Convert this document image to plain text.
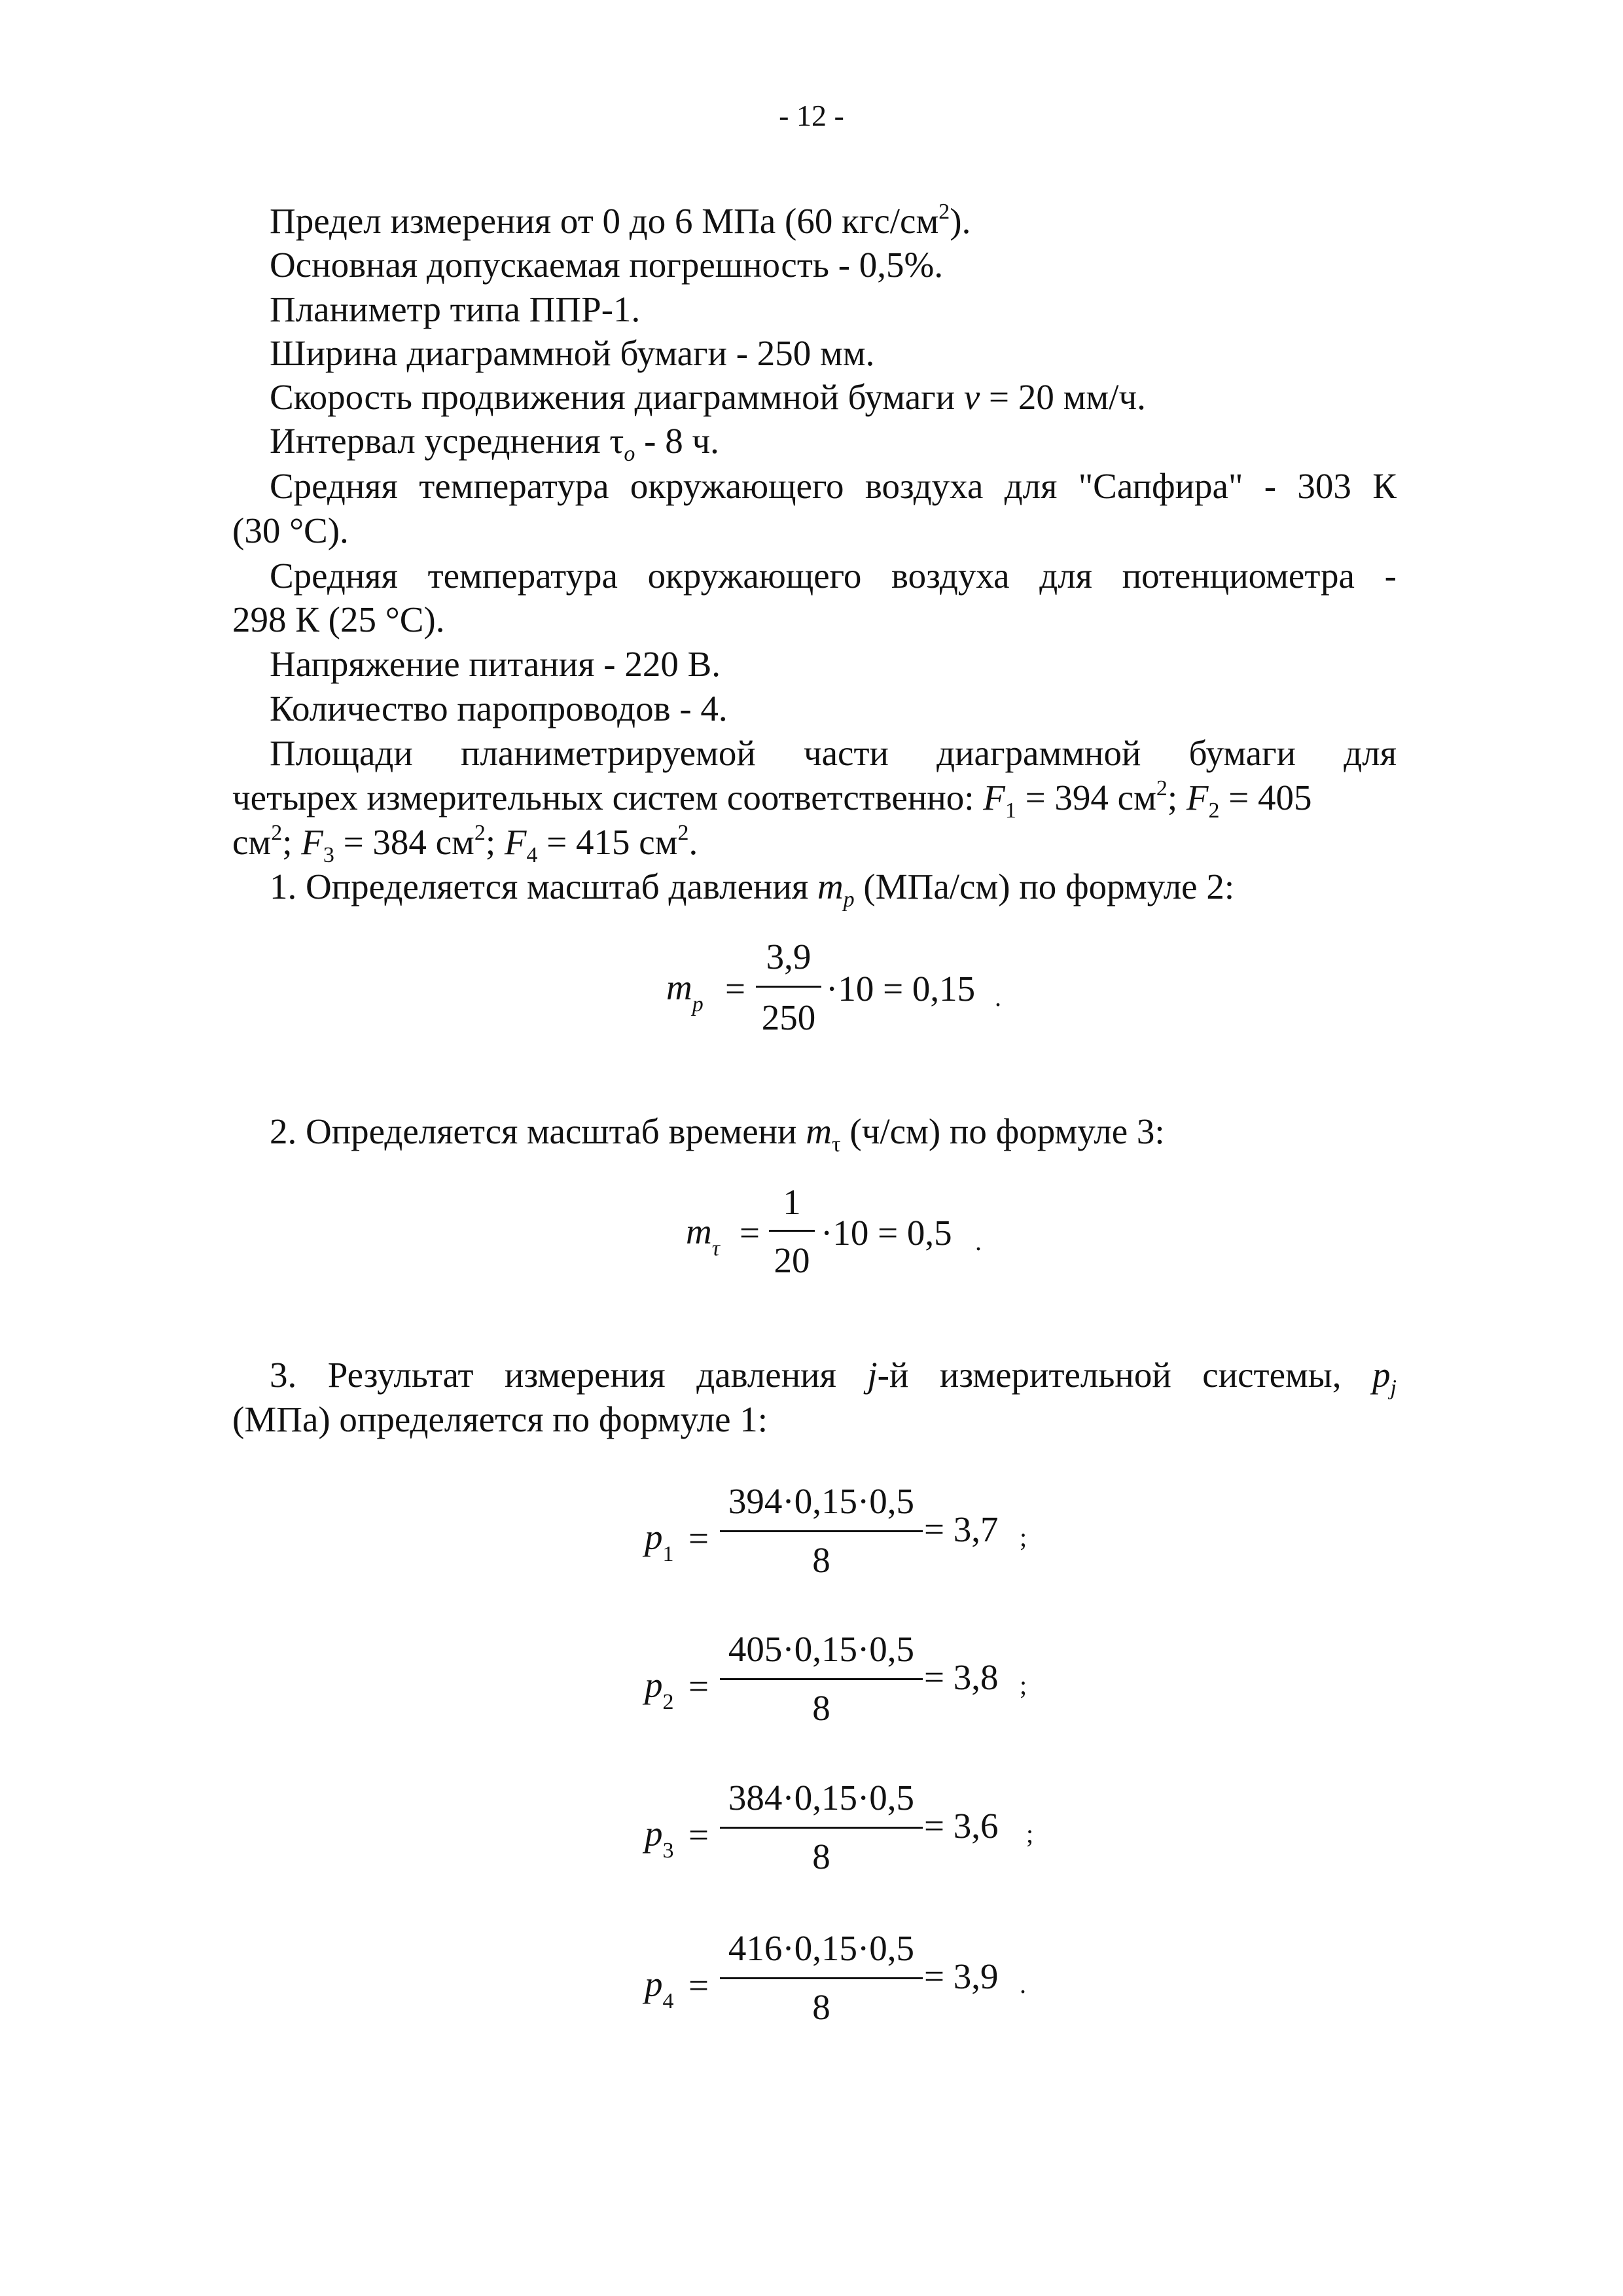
- 12 -
Предел измерения от 0 до 6 МПа (60 кгс/$см^2$).
Основная допускаемая погрешность - 0,5%.
Планиметр типа ППР-1.
Ширина диаграммной бумаги - 250 мм.
Скорость продвижения диаграммной бумаги v = 20 мм/ч.
Интервал усреднения $\tau_o - 8$ ч.
Средняя температура окружающего воздуха для "Сапфира" - 303 К
(30 °С).
Средняя температура окружающего воздуха для потенциометра -
298 К (25 °С).
Напряжение питания - 220 В.
Количество паропроводов - 4.
Площади планиметрируемой части диаграммной бумаги для
четырех измерительных систем соответственно: $F_1 = 394$ $см^2$; $F_2 = 405$
$см^2$; $F_3 = 384$ $см^2$; $F_4 = 415$ $см^2$.
1. Определяется масштаб давления $m_p$ (МПа/см) по формуле 2:
$m_p$ =
3,9
250
·10 = 0,15 .
2. Определяется масштаб времени $m_\tau$ (ч/см) по формуле 3:
$m_\tau$ =
1
20
·10 = 0,5 .
3. Результат измерения давления j-й измерительной системы, $p_j$
(МПа) определяется по формуле 1:
$p_1$ =
394·0,15·0,5
8
= 3,7 ;
$p_2$ =
405·0,15·0,5
8
= 3,8 ;
$p_3$ =
384·0,15·0,5
8
= 3,6 ;
$p_4$ =
416·0,15·0,5
8
= 3,9 .
